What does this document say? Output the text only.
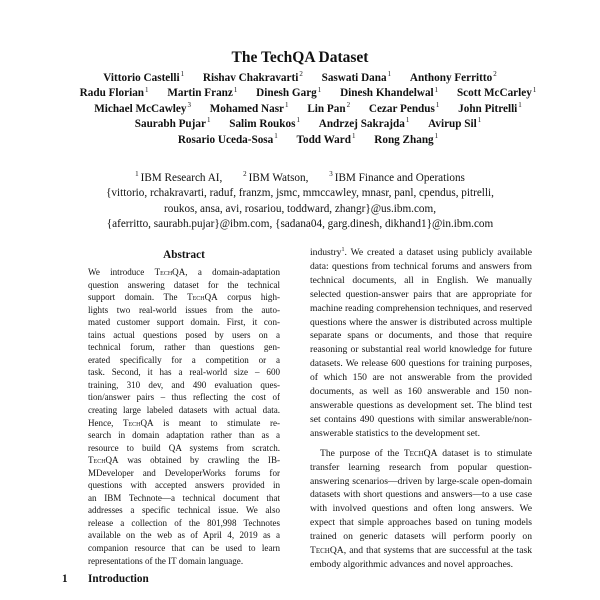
The TechQA Dataset
Vittorio Castelli$^1$ Rishav Chakravarti$^2$ Saswati Dana$^1$ Anthony Ferritto$^2$ Radu Florian$^1$ Martin Franz$^1$ Dinesh Garg$^1$ Dinesh Khandelwal$^1$ Scott McCarley$^1$ Michael McCawley$^3$ Mohamed Nasr$^1$ Lin Pan$^2$ Cezar Pendus$^1$ John Pitrelli$^1$ Saurabh Pujar$^1$ Salim Roukos$^1$ Andrzej Sakrajda$^1$ Avirup Sil$^1$ Rosario Uceda-Sosa$^1$ Todd Ward$^1$ Rong Zhang$^1$
$^1$ IBM Research AI,	$^2$ IBM Watson,	$^3$ IBM Finance and Operations
{vittorio, rchakravarti, raduf, franzm, jsmc, mmccawley, mnasr, panl, cpendus, pitrelli,
roukos, ansa, avi, rosariou, toddward, zhangr}@us.ibm.com,
{aferritto, saurabh.pujar}@ibm.com, {sadana04, garg.dinesh, dikhand1}@in.ibm.com
Abstract
We introduce TechQA, a domain-adaptation
question answering dataset for the technical
support domain. The TechQA corpus high-
lights two real-world issues from the auto-
mated customer support domain. First, it con-
tains actual questions posed by users on a
technical forum, rather than questions gen-
erated specifically for a competition or a
task. Second, it has a real-world size – 600
training, 310 dev, and 490 evaluation ques-
tion/answer pairs – thus reflecting the cost of
creating large labeled datasets with actual data.
Hence, TechQA is meant to stimulate re-
search in domain adaptation rather than as a
resource to build QA systems from scratch.
TechQA was obtained by crawling the IB-
MDeveloper and DeveloperWorks forums for
questions with accepted answers provided in
an IBM Technote—a technical document that
addresses a specific technical issue. We also
release a collection of the 801,998 Technotes
available on the web as of April 4, 2019 as a
companion resource that can be used to learn
representations of the IT domain language.
1 Introduction

industry$^1$. We created a dataset using publicly available data: questions from technical forums and answers from technical documents, all in English. We manually selected question-answer pairs that are appropriate for machine reading comprehension techniques, and reserved questions where the answer is distributed across multiple separate spans or documents, and those that require reasoning or substantial real world knowledge for future datasets. We release 600 questions for training purposes, of which 150 are not answerable from the provided documents, as well as 160 answerable and 150 non-answerable questions as development set. The blind test set contains 490 questions with similar answerable/non-answerable statistics to the development set.

The purpose of the TechQA dataset is to stimulate transfer learning research from popular question-answering scenarios—driven by large-scale open-domain datasets with short questions and answers—to a use case with involved questions and often long answers. We expect that simple approaches based on tuning models trained on generic datasets will perform poorly on TechQA, and that systems that are successful at the task embody algorithmic advances and novel approaches.
